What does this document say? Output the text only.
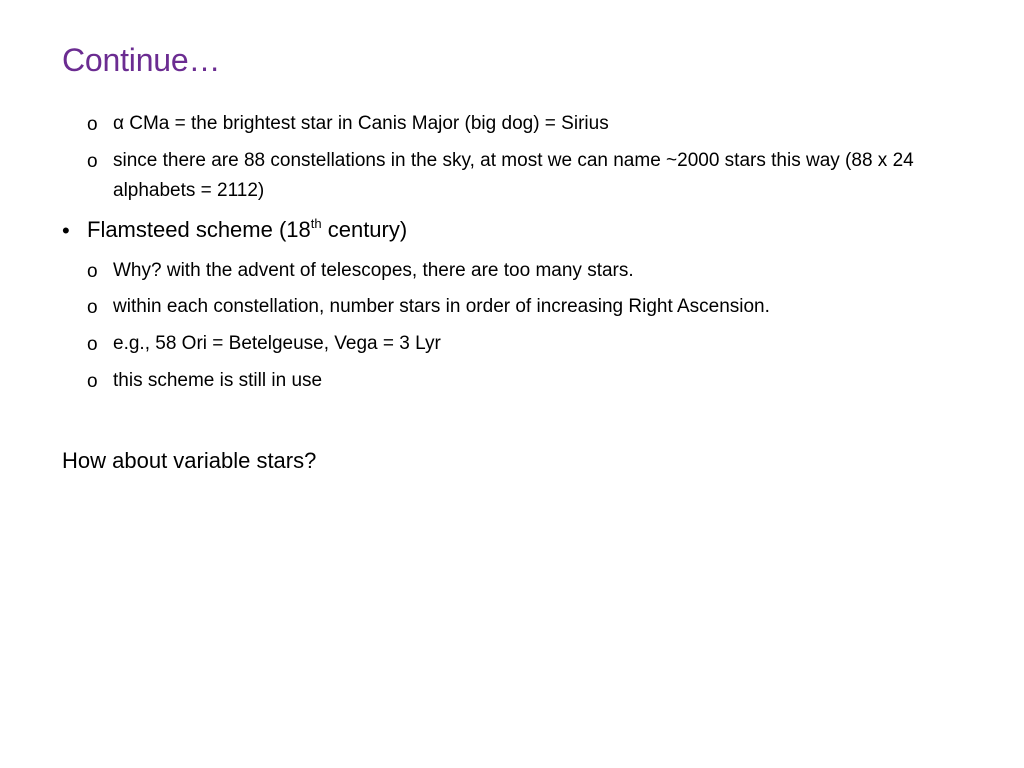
Continue…
o α CMa = the brightest star in Canis Major (big dog) = Sirius
o since there are 88 constellations in the sky, at most we can name ~2000 stars this way (88 x 24 alphabets = 2112)
• Flamsteed scheme (18th century)
o Why? with the advent of telescopes, there are too many stars.
o within each constellation, number stars in order of increasing Right Ascension.
o e.g., 58 Ori = Betelgeuse, Vega = 3 Lyr
o this scheme is still in use
How about variable stars?
